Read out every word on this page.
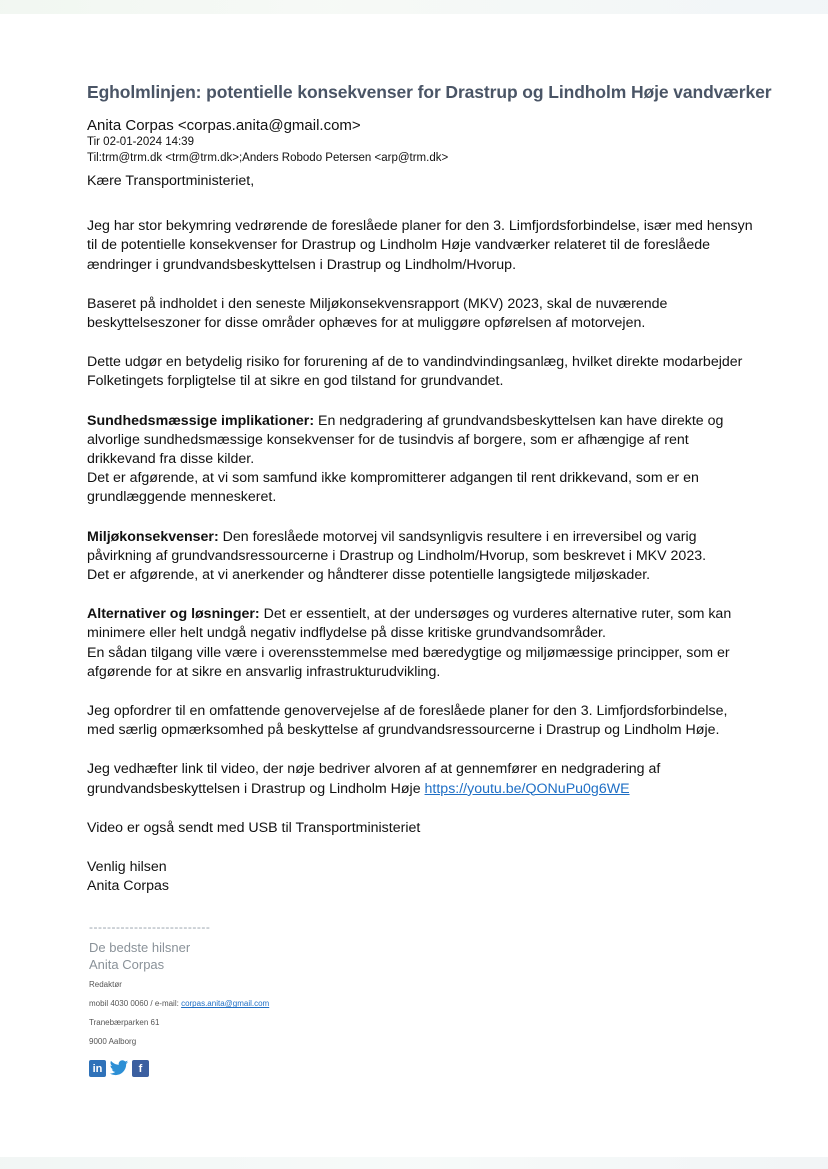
Egholmlinjen: potentielle konsekvenser for Drastrup og Lindholm Høje vandværker
Anita Corpas <corpas.anita@gmail.com>
Tir 02-01-2024 14:39
Til:trm@trm.dk <trm@trm.dk>;Anders Robodo Petersen <arp@trm.dk>

Kære Transportministeriet,

Jeg har stor bekymring vedrørende de foreslåede planer for den 3. Limfjordsforbindelse, især med hensyn til de potentielle konsekvenser for Drastrup og Lindholm Høje vandværker relateret til de foreslåede ændringer i grundvandsbeskyttelsen i Drastrup og Lindholm/Hvorup.

Baseret på indholdet i den seneste Miljøkonsekvensrapport (MKV) 2023, skal de nuværende beskyttelseszoner for disse områder ophæves for at muliggøre opførelsen af motorvejen.

Dette udgør en betydelig risiko for forurening af de to vandindvindingsanlæg, hvilket direkte modarbejder Folketingets forpligtelse til at sikre en god tilstand for grundvandet.

Sundhedsmæssige implikationer: En nedgradering af grundvandsbeskyttelsen kan have direkte og alvorlige sundhedsmæssige konsekvenser for de tusindvis af borgere, som er afhængige af rent drikkevand fra disse kilder.
Det er afgørende, at vi som samfund ikke kompromitterer adgangen til rent drikkevand, som er en grundlæggende menneskeret.

Miljøkonsekvenser: Den foreslåede motorvej vil sandsynligvis resultere i en irreversibel og varig påvirkning af grundvandsressourcerne i Drastrup og Lindholm/Hvorup, som beskrevet i MKV 2023.
Det er afgørende, at vi anerkender og håndterer disse potentielle langsigtede miljøskader.

Alternativer og løsninger: Det er essentielt, at der undersøges og vurderes alternative ruter, som kan minimere eller helt undgå negativ indflydelse på disse kritiske grundvandsområder.
En sådan tilgang ville være i overensstemmelse med bæredygtige og miljømæssige principper, som er afgørende for at sikre en ansvarlig infrastrukturudvikling.

Jeg opfordrer til en omfattende genovervejelse af de foreslåede planer for den 3. Limfjordsforbindelse, med særlig opmærksomhed på beskyttelse af grundvandsressourcerne i Drastrup og Lindholm Høje.

Jeg vedhæfter link til video, der nøje bedriver alvoren af at gennemfører en nedgradering af grundvandsbeskyttelsen i Drastrup og Lindholm Høje https://youtu.be/QONuPu0g6WE

Video er også sendt med USB til Transportministeriet

Venlig hilsen
Anita Corpas

---------------------------
De bedste hilsner
Anita Corpas
Redaktør
mobil 4030 0060 / e-mail: corpas.anita@gmail.com
Tranebærparken 61
9000 Aalborg
in	f
